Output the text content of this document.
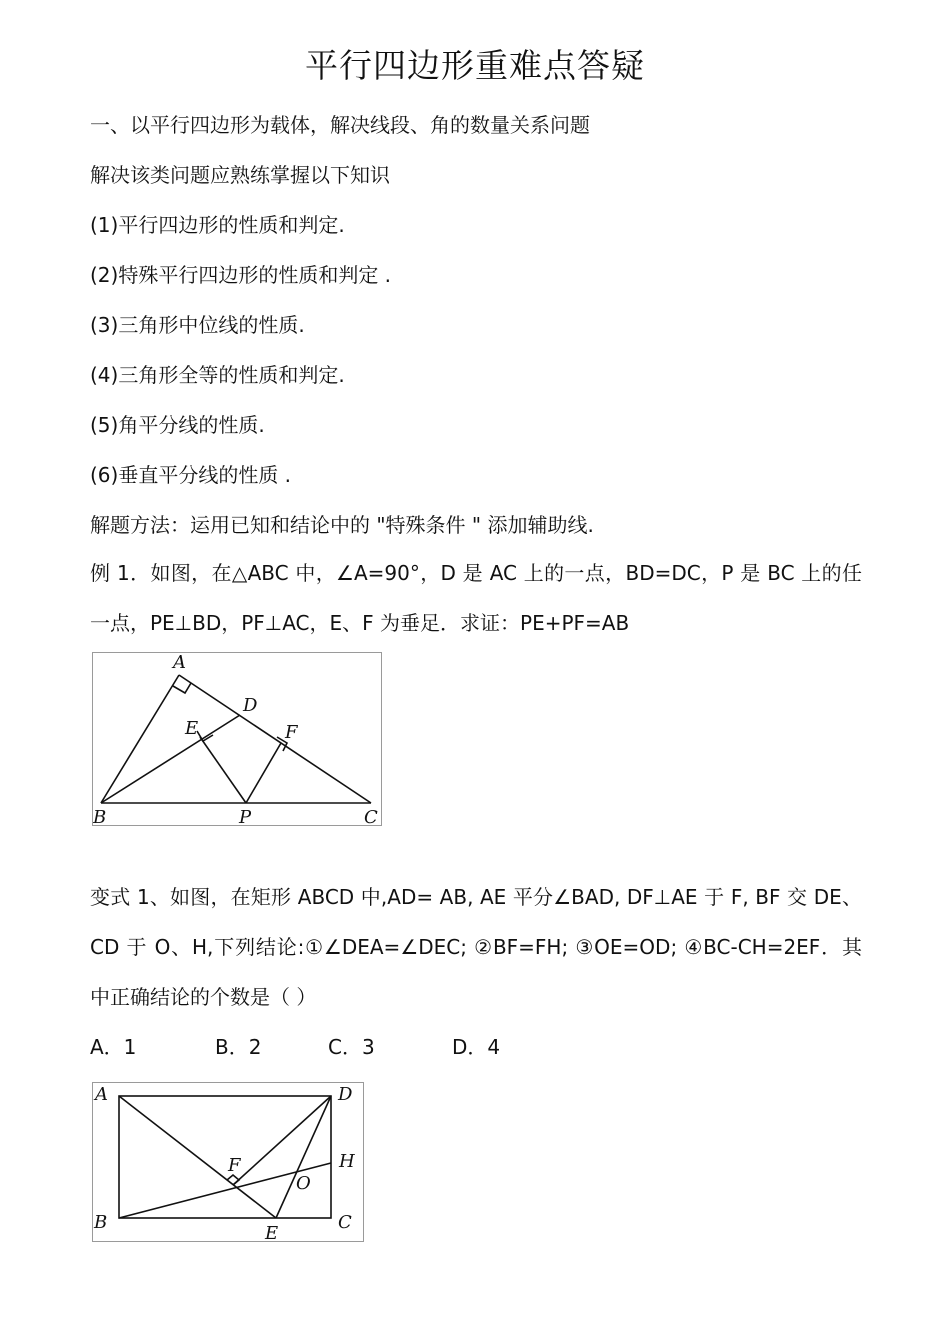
平行四边形重难点答疑
一、以平行四边形为载体，解决线段、角的数量关系问题
解决该类问题应熟练掌握以下知识
(1)平行四边形的性质和判定.
(2)特殊平行四边形的性质和判定 .
(3)三角形中位线的性质.
(4)三角形全等的性质和判定.
(5)角平分线的性质.
(6)垂直平分线的性质 .
解题方法：运用已知和结论中的 "特殊条件 " 添加辅助线.
例 1．如图，在△ABC 中，∠A=90°，D 是 AC 上的一点，BD=DC，P 是 BC 上的任一点，PE⊥BD，PF⊥AC，E、F 为垂足．求证：PE+PF=AB
A
D
E	F
B	P	C
变式 1、如图，在矩形 ABCD 中,AD= AB, AE 平分∠BAD, DF⊥AE 于 F, BF 交 DE、CD 于 O、H,下列结论:①∠DEA=∠DEC; ②BF=FH; ③OE=OD; ④BC-CH=2EF．其中正确结论的个数是（ ）
A．1	B．2	C．3	D．4
A	D
F	H
O
B
E
C
